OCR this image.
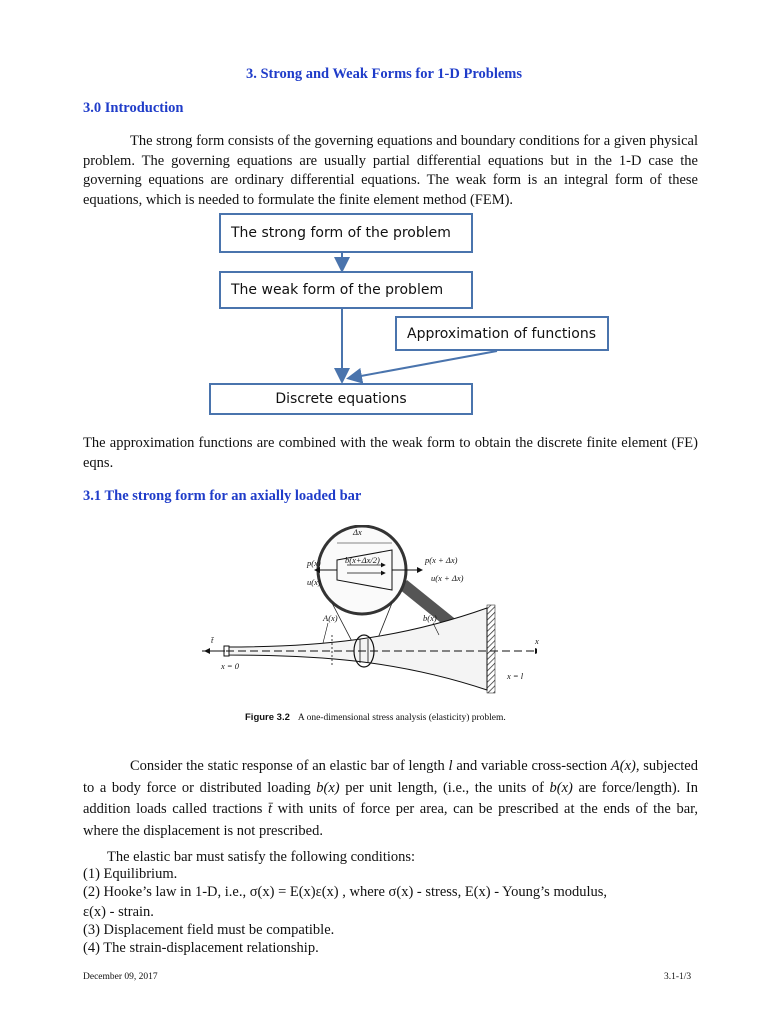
3. Strong and Weak Forms for 1-D Problems
3.0 Introduction
The strong form consists of the governing equations and boundary conditions for a given physical problem. The governing equations are usually partial differential equations but in the 1-D case the governing equations are ordinary differential equations. The weak form is an integral form of these equations, which is needed to formulate the finite element method (FEM).
The strong form of the problem
The weak form of the problem
Approximation of functions
Discrete equations
The approximation functions are combined with the weak form to obtain the discrete finite element (FE) eqns.
3.1 The strong form for an axially loaded bar
Δx
p(x)
u(x)
b(x+Δx/2)	p(x + Δx)
u(x + Δx)
A(x)	b(x)
t̄
x = 0
x = l
x
Figure 3.2 A one-dimensional stress analysis (elasticity) problem.
Consider the static response of an elastic bar of length l and variable cross-section A(x), subjected to a body force or distributed loading b(x) per unit length, (i.e., the units of b(x) are force/length). In addition loads called tractions t̄ with units of force per area, can be prescribed at the ends of the bar, where the displacement is not prescribed.
The elastic bar must satisfy the following conditions:
(1) Equilibrium.
(2) Hooke’s law in 1-D, i.e., σ(x) = E(x)ε(x) , where σ(x) - stress, E(x) - Young’s modulus,
ε(x) - strain.
(3) Displacement field must be compatible.
(4) The strain-displacement relationship.
December 09, 2017	3.1-1/3
